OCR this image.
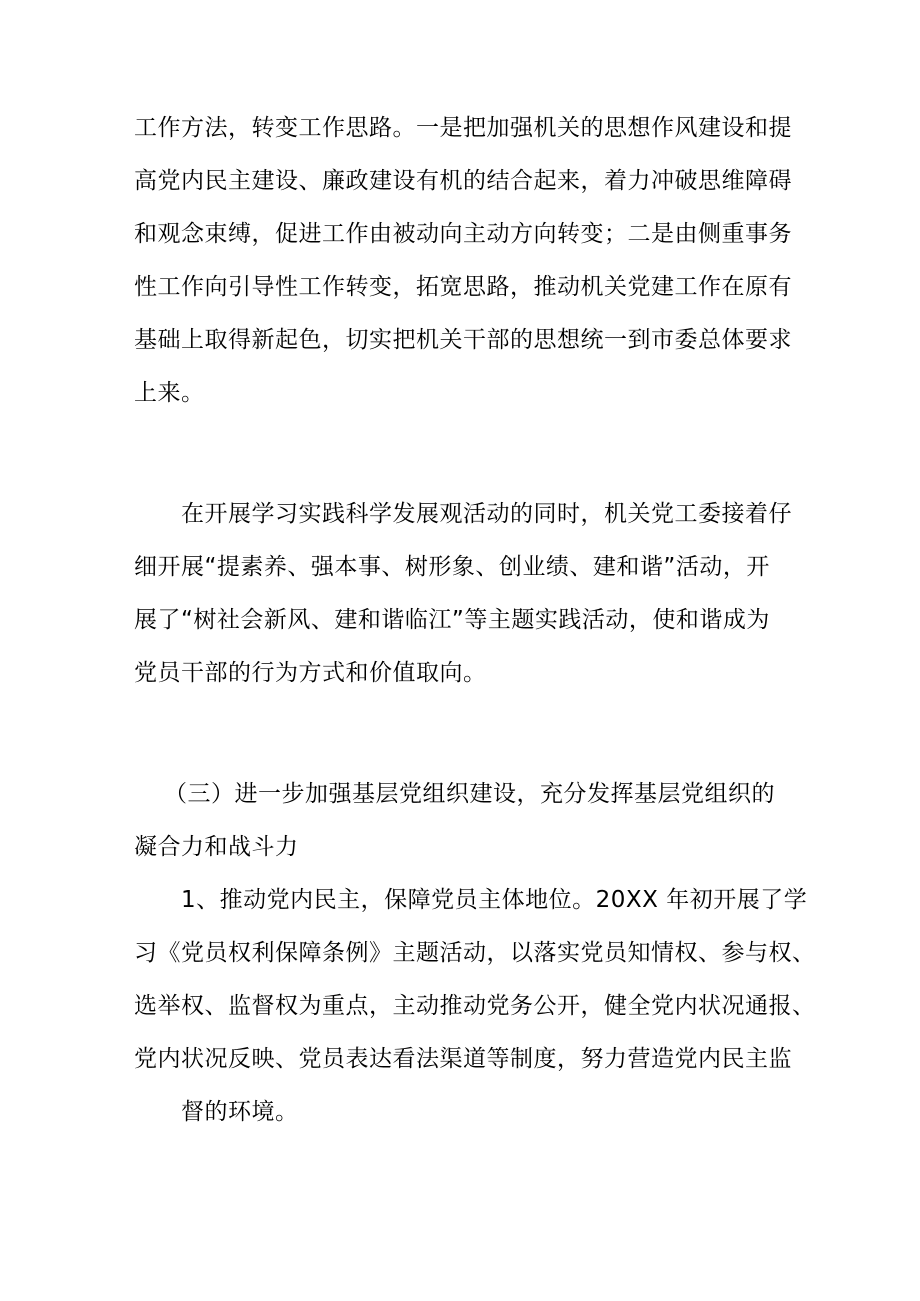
工作方法，转变工作思路。一是把加强机关的思想作风建设和提
高党内民主建设、廉政建设有机的结合起来，着力冲破思维障碍
和观念束缚，促进工作由被动向主动方向转变；二是由侧重事务
性工作向引导性工作转变，拓宽思路，推动机关党建工作在原有
基础上取得新起色，切实把机关干部的思想统一到市委总体要求
上来。
在开展学习实践科学发展观活动的同时，机关党工委接着仔
细开展“提素养、强本事、树形象、创业绩、建和谐”活动，开
展了“树社会新风、建和谐临江”等主题实践活动，使和谐成为
党员干部的行为方式和价值取向。
（三）进一步加强基层党组织建设，充分发挥基层党组织的
凝合力和战斗力
1、推动党内民主，保障党员主体地位。20XX 年初开展了学
习《党员权利保障条例》主题活动，以落实党员知情权、参与权、
选举权、监督权为重点，主动推动党务公开，健全党内状况通报、
党内状况反映、党员表达看法渠道等制度，努力营造党内民主监
督的环境。
